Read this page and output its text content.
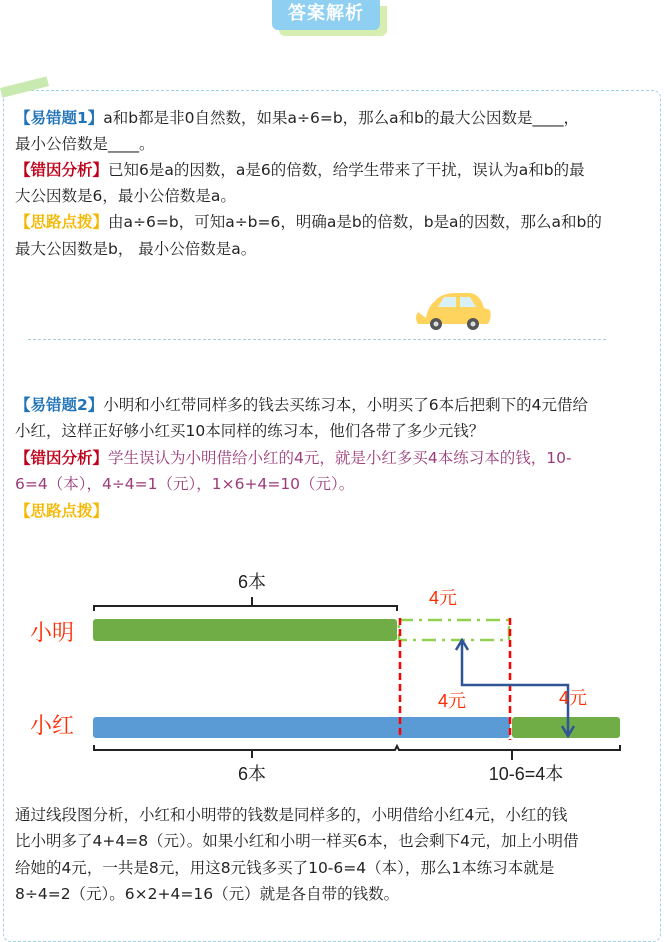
答案解析
【易错题1】a和b都是非0自然数，如果a÷6=b，那么a和b的最大公因数是____，
最小公倍数是____。
【错因分析】已知6是a的因数，a是6的倍数，给学生带来了干扰，误认为a和b的最
大公因数是6，最小公倍数是a。
【思路点拨】由a÷6=b，可知a÷b=6，明确a是b的倍数，b是a的因数，那么a和b的
最大公因数是b， 最小公倍数是a。
【易错题2】小明和小红带同样多的钱去买练习本，小明买了6本后把剩下的4元借给
小红，这样正好够小红买10本同样的练习本，他们各带了多少元钱？
【错因分析】学生误认为小明借给小红的4元，就是小红多买4本练习本的钱，10-
6=4（本），4÷4=1（元），1×6+4=10（元）。
【思路点拨】
6本
小明
小红
4元
4元	4元
6本	10-6=4本
通过线段图分析，小红和小明带的钱数是同样多的，小明借给小红4元，小红的钱
比小明多了4+4=8（元）。如果小红和小明一样买6本，也会剩下4元，加上小明借
给她的4元，一共是8元，用这8元钱多买了10-6=4（本），那么1本练习本就是
8÷4=2（元）。6×2+4=16（元）就是各自带的钱数。
